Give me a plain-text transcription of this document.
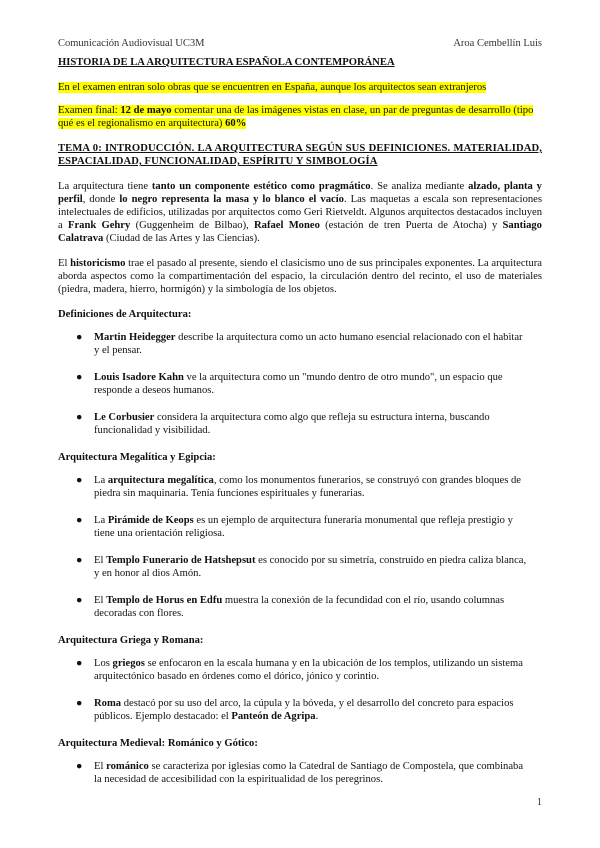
Comunicación Audiovisual UC3M	Aroa Cembellín Luis
HISTORIA DE LA ARQUITECTURA ESPAÑOLA CONTEMPORÁNEA
En el examen entran solo obras que se encuentren en España, aunque los arquitectos sean extranjeros
Examen final: 12 de mayo comentar una de las imágenes vistas en clase, un par de preguntas de desarrollo (tipo qué es el regionalismo en arquitectura) 60%
TEMA 0: INTRODUCCIÓN. LA ARQUITECTURA SEGÚN SUS DEFINICIONES. MATERIALIDAD, ESPACIALIDAD, FUNCIONALIDAD, ESPÍRITU Y SIMBOLOGÍA

La arquitectura tiene tanto un componente estético como pragmático. Se analiza mediante alzado, planta y perfil, donde lo negro representa la masa y lo blanco el vacío. Las maquetas a escala son representaciones intelectuales de edificios, utilizadas por arquitectos como Geri Rietveldt. Algunos arquitectos destacados incluyen a Frank Gehry (Guggenheim de Bilbao), Rafael Moneo (estación de tren Puerta de Atocha) y Santiago Calatrava (Ciudad de las Artes y las Ciencias).

El historicismo trae el pasado al presente, siendo el clasicismo uno de sus principales exponentes. La arquitectura aborda aspectos como la compartimentación del espacio, la circulación dentro del recinto, el uso de materiales (piedra, madera, hierro, hormigón) y la simbología de los objetos.

Definiciones de Arquitectura:
● Martin Heidegger describe la arquitectura como un acto humano esencial relacionado con el habitar y el pensar.
● Louis Isadore Kahn ve la arquitectura como un "mundo dentro de otro mundo", un espacio que responde a deseos humanos.
● Le Corbusier considera la arquitectura como algo que refleja su estructura interna, buscando funcionalidad y visibilidad.
Arquitectura Megalítica y Egipcia:
● La arquitectura megalítica, como los monumentos funerarios, se construyó con grandes bloques de piedra sin maquinaria. Tenía funciones espirituales y funerarias.
● La Pirámide de Keops es un ejemplo de arquitectura funeraria monumental que refleja prestigio y tiene una orientación religiosa.
● El Templo Funerario de Hatshepsut es conocido por su simetría, construido en piedra caliza blanca, y en honor al dios Amón.
● El Templo de Horus en Edfu muestra la conexión de la fecundidad con el río, usando columnas decoradas con flores.
Arquitectura Griega y Romana:
● Los griegos se enfocaron en la escala humana y en la ubicación de los templos, utilizando un sistema arquitectónico basado en órdenes como el dórico, jónico y corintio.
● Roma destacó por su uso del arco, la cúpula y la bóveda, y el desarrollo del concreto para espacios públicos. Ejemplo destacado: el Panteón de Agripa.
Arquitectura Medieval: Románico y Gótico:
● El románico se caracteriza por iglesias como la Catedral de Santiago de Compostela, que combinaba la necesidad de accesibilidad con la espiritualidad de los peregrinos.
1
